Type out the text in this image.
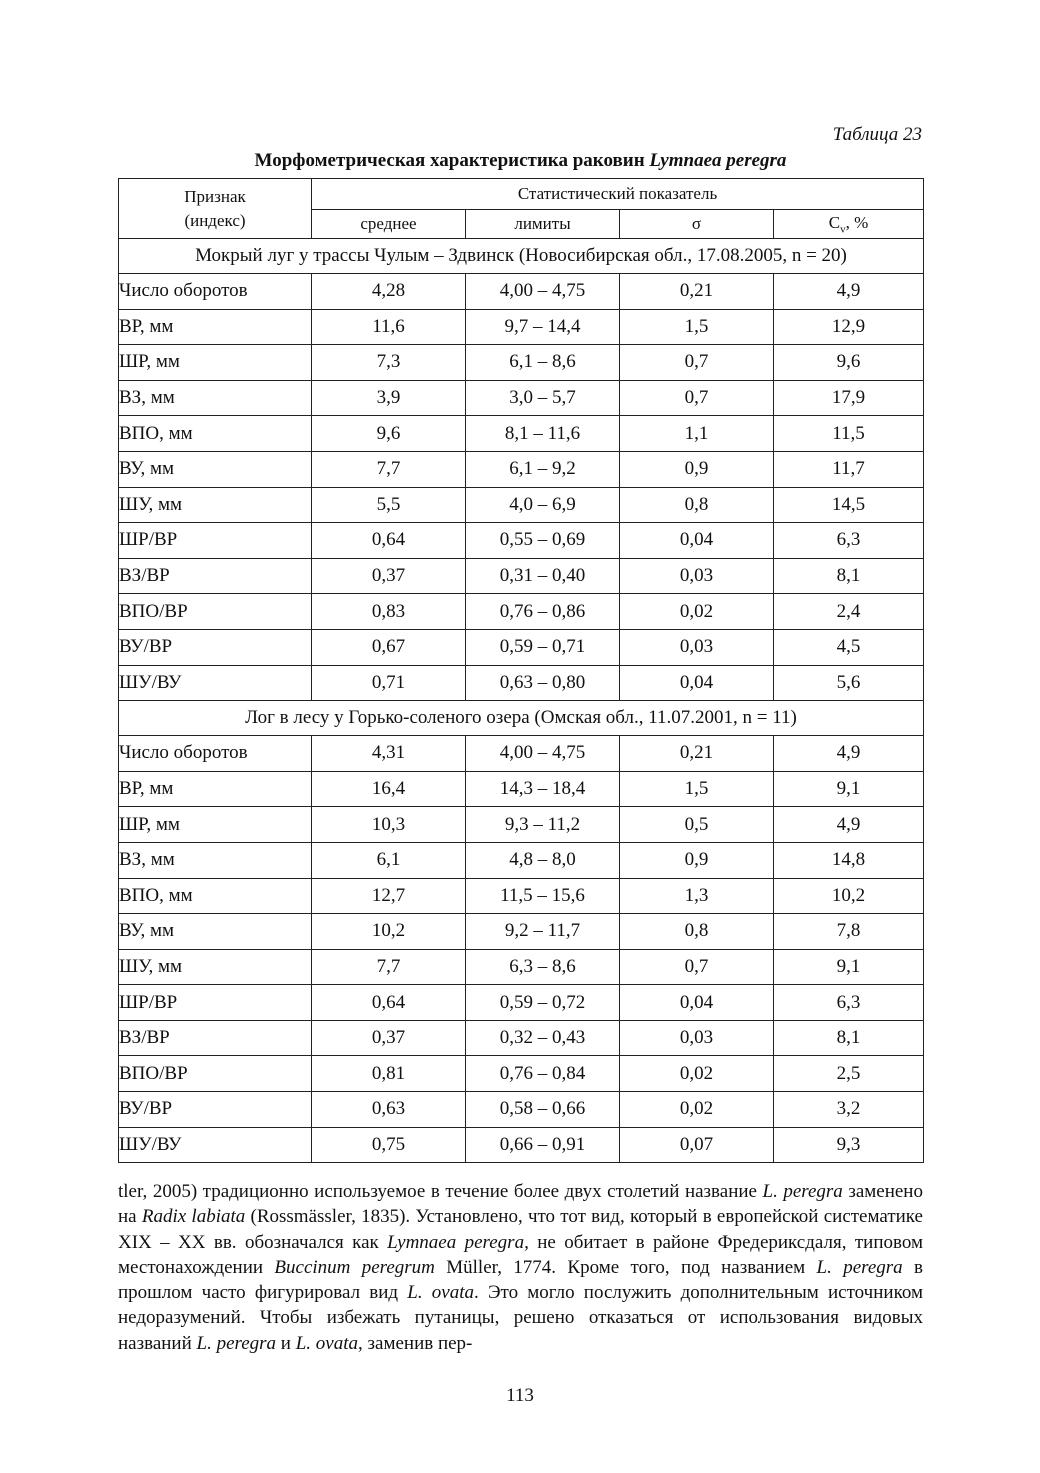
Таблица 23
Морфометрическая характеристика раковин Lymnaea peregra
Признак
(индекс)	Статистический показатель			
	среднее	лимиты	σ	$C_v$, %
Мокрый луг у трассы Чулым – Здвинск (Новосибирская обл., 17.08.2005, n = 20)				
Число оборотов	4,28	4,00 – 4,75	0,21	4,9
ВР, мм	11,6	9,7 – 14,4	1,5	12,9
ШР, мм	7,3	6,1 – 8,6	0,7	9,6
ВЗ, мм	3,9	3,0 – 5,7	0,7	17,9
ВПО, мм	9,6	8,1 – 11,6	1,1	11,5
ВУ, мм	7,7	6,1 – 9,2	0,9	11,7
ШУ, мм	5,5	4,0 – 6,9	0,8	14,5
ШР/ВР	0,64	0,55 – 0,69	0,04	6,3
ВЗ/ВР	0,37	0,31 – 0,40	0,03	8,1
ВПО/ВР	0,83	0,76 – 0,86	0,02	2,4
ВУ/ВР	0,67	0,59 – 0,71	0,03	4,5
ШУ/ВУ	0,71	0,63 – 0,80	0,04	5,6
Лог в лесу у Горько-соленого озера (Омская обл., 11.07.2001, n = 11)				
Число оборотов	4,31	4,00 – 4,75	0,21	4,9
ВР, мм	16,4	14,3 – 18,4	1,5	9,1
ШР, мм	10,3	9,3 – 11,2	0,5	4,9
ВЗ, мм	6,1	4,8 – 8,0	0,9	14,8
ВПО, мм	12,7	11,5 – 15,6	1,3	10,2
ВУ, мм	10,2	9,2 – 11,7	0,8	7,8
ШУ, мм	7,7	6,3 – 8,6	0,7	9,1
ШР/ВР	0,64	0,59 – 0,72	0,04	6,3
ВЗ/ВР	0,37	0,32 – 0,43	0,03	8,1
ВПО/ВР	0,81	0,76 – 0,84	0,02	2,5
ВУ/ВР	0,63	0,58 – 0,66	0,02	3,2
ШУ/ВУ	0,75	0,66 – 0,91	0,07	9,3
tler, 2005) традиционно используемое в течение более двух столетий название L. peregra заменено на Radix labiata (Rossmässler, 1835). Установлено, что тот вид, который в европейской систематике XIX – XX вв. обозначался как Lymnaea peregra, не обитает в районе Фредериксдаля, типовом местонахождении Buccinum peregrum Müller, 1774. Кроме того, под названием L. peregra в прошлом часто фигурировал вид L. ovata. Это могло послужить дополнительным источником недоразумений. Чтобы избежать путаницы, решено отказаться от использования видовых названий L. peregra и L. ovata, заменив пер-
113
